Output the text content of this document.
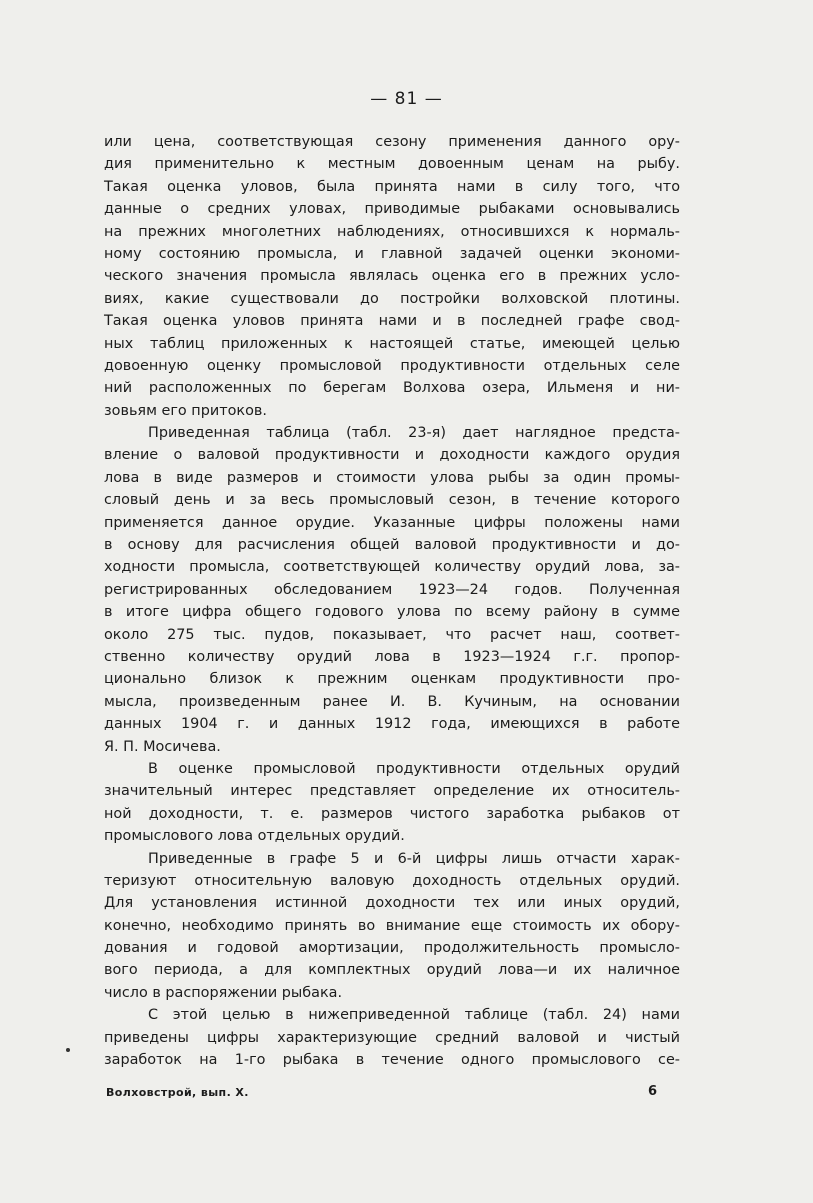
— 81 —
или цена, соответствующая сезону применения данного ору-
дия применительно к местным довоенным ценам на рыбу.
Такая оценка уловов, была принята нами в силу того, что
данные о средних уловах, приводимые рыбаками основывались
на прежних многолетних наблюдениях, относившихся к нормаль-
ному состоянию промысла, и главной задачей оценки экономи-
ческого значения промысла являлась оценка его в прежних усло-
виях, какие существовали до постройки волховской плотины.
Такая оценка уловов принята нами и в последней графе свод-
ных таблиц приложенных к настоящей статье, имеющей целью
довоенную оценку промысловой продуктивности отдельных селе
ний расположенных по берегам Волхова озера, Ильменя и ни-
зовьям его притоков.
Приведенная таблица (табл. 23-я) дает наглядное предста-
вление о валовой продуктивности и доходности каждого орудия
лова в виде размеров и стоимости улова рыбы за один промы-
словый день и за весь промысловый сезон, в течение которого
применяется данное орудие. Указанные цифры положены нами
в основу для расчисления общей валовой продуктивности и до-
ходности промысла, соответствующей количеству орудий лова, за-
регистрированных обследованием 1923—24 годов. Полученная
в итоге цифра общего годового улова по всему району в сумме
около 275 тыс. пудов, показывает, что расчет наш, соответ-
ственно количеству орудий лова в 1923—1924 г.г. пропор-
ционально близок к прежним оценкам продуктивности про-
мысла, произведенным ранее И. В. Кучиным, на основании
данных 1904 г. и данных 1912 года, имеющихся в работе
Я. П. Мосичева.
В оценке промысловой продуктивности отдельных орудий
значительный интерес представляет определение их относитель-
ной доходности, т. е. размеров чистого заработка рыбаков от
промыслового лова отдельных орудий.
Приведенные в графе 5 и 6-й цифры лишь отчасти харак-
теризуют относительную валовую доходность отдельных орудий.
Для установления истинной доходности тех или иных орудий,
конечно, необходимо принять во внимание еще стоимость их обору-
дования и годовой амортизации, продолжительность промысло-
вого периода, а для комплектных орудий лова—и их наличное
число в распоряжении рыбака.
С этой целью в нижеприведенной таблице (табл. 24) нами
приведены цифры характеризующие средний валовой и чистый
заработок на 1-го рыбака в течение одного промыслового се-
Волховстрой, вып. X.	6
